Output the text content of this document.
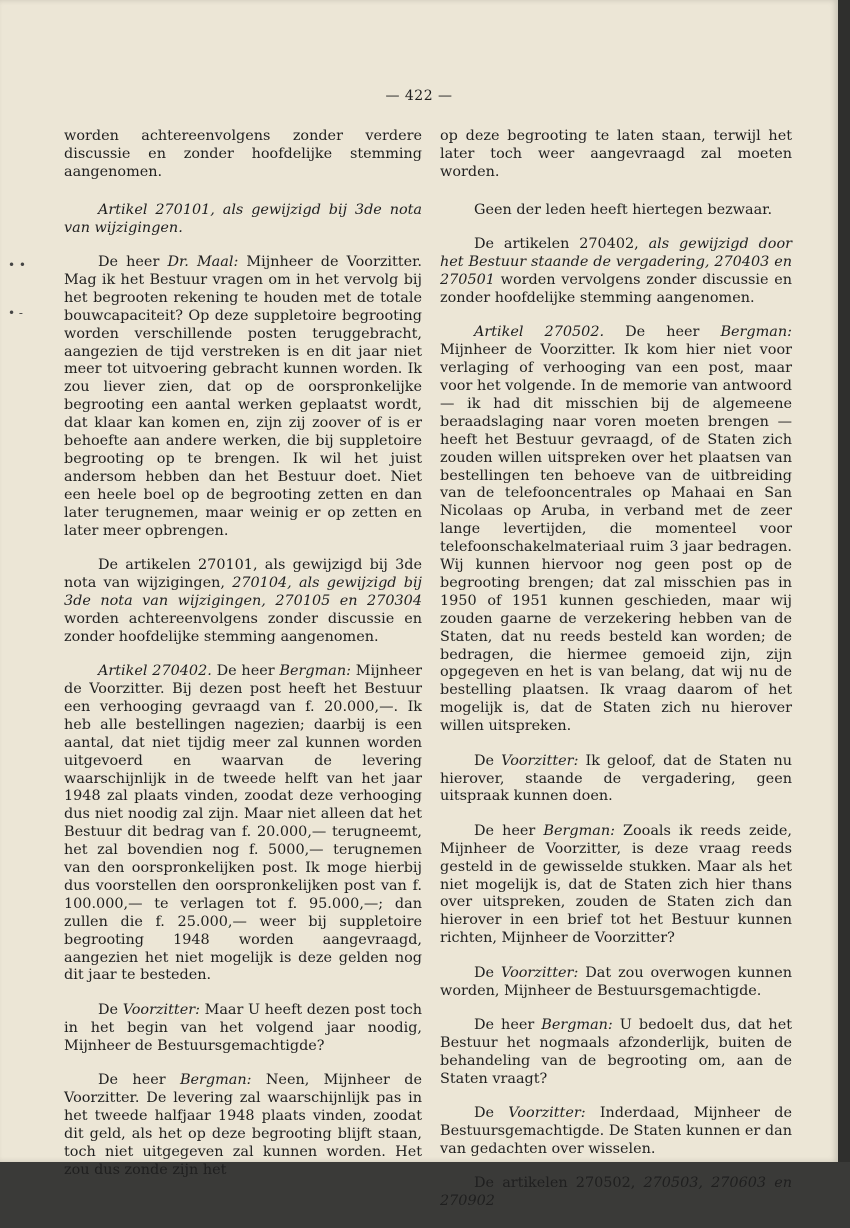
— 422 —
• •
• -

worden achtereenvolgens zonder verdere discussie en zonder hoofdelijke stemming aangenomen.

Artikel 270101, als gewijzigd bij 3de nota van wijzigingen.

De heer Dr. Maal: Mijnheer de Voorzitter. Mag ik het Bestuur vragen om in het vervolg bij het begrooten rekening te houden met de totale bouwcapaciteit? Op deze suppletoire begrooting worden verschillende posten teruggebracht, aangezien de tijd verstreken is en dit jaar niet meer tot uitvoering gebracht kunnen worden. Ik zou liever zien, dat op de oorspronkelijke begrooting een aantal werken geplaatst wordt, dat klaar kan komen en, zijn zij zoover of is er behoefte aan andere werken, die bij suppletoire begrooting op te brengen. Ik wil het juist andersom hebben dan het Bestuur doet. Niet een heele boel op de begrooting zetten en dan later terugnemen, maar weinig er op zetten en later meer opbrengen.

De artikelen 270101, als gewijzigd bij 3de nota van wijzigingen, 270104, als gewijzigd bij 3de nota van wijzigingen, 270105 en 270304 worden achtereenvolgens zonder discussie en zonder hoofdelijke stemming aangenomen.

Artikel 270402. De heer Bergman: Mijnheer de Voorzitter. Bij dezen post heeft het Bestuur een verhooging gevraagd van f. 20.000,—. Ik heb alle bestellingen nagezien; daarbij is een aantal, dat niet tijdig meer zal kunnen worden uitgevoerd en waarvan de levering waarschijnlijk in de tweede helft van het jaar 1948 zal plaats vinden, zoodat deze verhooging dus niet noodig zal zijn. Maar niet alleen dat het Bestuur dit bedrag van f. 20.000,— terugneemt, het zal bovendien nog f. 5000,— terugnemen van den oorspronkelijken post. Ik moge hierbij dus voorstellen den oorspronkelijken post van f. 100.000,— te verlagen tot f. 95.000,—; dan zullen die f. 25.000,— weer bij suppletoire begrooting 1948 worden aangevraagd, aangezien het niet mogelijk is deze gelden nog dit jaar te besteden.

De Voorzitter: Maar U heeft dezen post toch in het begin van het volgend jaar noodig, Mijnheer de Bestuursgemachtigde?

De heer Bergman: Neen, Mijnheer de Voorzitter. De levering zal waarschijnlijk pas in het tweede halfjaar 1948 plaats vinden, zoodat dit geld, als het op deze begrooting blijft staan, toch niet uitgegeven zal kunnen worden. Het zou dus zonde zijn het

op deze begrooting te laten staan, terwijl het later toch weer aangevraagd zal moeten worden.

Geen der leden heeft hiertegen bezwaar.

De artikelen 270402, als gewijzigd door het Bestuur staande de vergadering, 270403 en 270501 worden vervolgens zonder discussie en zonder hoofdelijke stemming aangenomen.

Artikel 270502. De heer Bergman: Mijnheer de Voorzitter. Ik kom hier niet voor verlaging of verhooging van een post, maar voor het volgende. In de memorie van antwoord — ik had dit misschien bij de algemeene beraadslaging naar voren moeten brengen — heeft het Bestuur gevraagd, of de Staten zich zouden willen uitspreken over het plaatsen van bestellingen ten behoeve van de uitbreiding van de telefooncentrales op Mahaai en San Nicolaas op Aruba, in verband met de zeer lange levertijden, die momenteel voor telefoonschakelmateriaal ruim 3 jaar bedragen. Wij kunnen hiervoor nog geen post op de begrooting brengen; dat zal misschien pas in 1950 of 1951 kunnen geschieden, maar wij zouden gaarne de verzekering hebben van de Staten, dat nu reeds besteld kan worden; de bedragen, die hiermee gemoeid zijn, zijn opgegeven en het is van belang, dat wij nu de bestelling plaatsen. Ik vraag daarom of het mogelijk is, dat de Staten zich nu hierover willen uitspreken.

De Voorzitter: Ik geloof, dat de Staten nu hierover, staande de vergadering, geen uitspraak kunnen doen.

De heer Bergman: Zooals ik reeds zeide, Mijnheer de Voorzitter, is deze vraag reeds gesteld in de gewisselde stukken. Maar als het niet mogelijk is, dat de Staten zich hier thans over uitspreken, zouden de Staten zich dan hierover in een brief tot het Bestuur kunnen richten, Mijnheer de Voorzitter?

De Voorzitter: Dat zou overwogen kunnen worden, Mijnheer de Bestuursgemachtigde.

De heer Bergman: U bedoelt dus, dat het Bestuur het nogmaals afzonderlijk, buiten de behandeling van de begrooting om, aan de Staten vraagt?

De Voorzitter: Inderdaad, Mijnheer de Bestuursgemachtigde. De Staten kunnen er dan van gedachten over wisselen.

De artikelen 270502, 270503, 270603 en 270902
